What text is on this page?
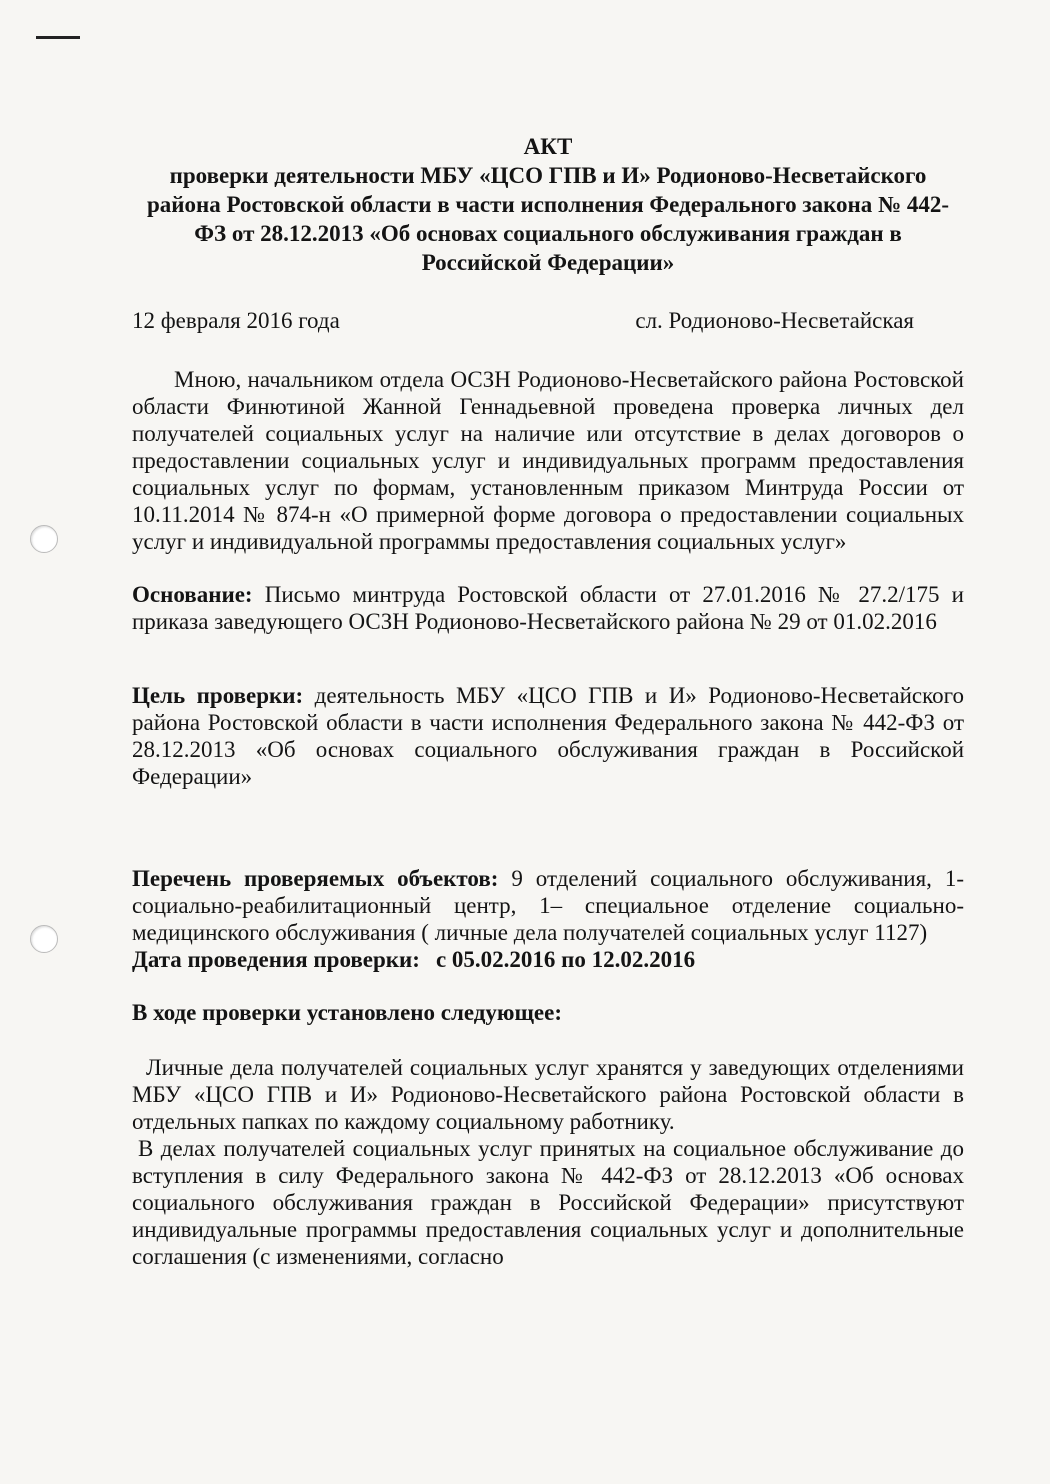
АКТ
проверки деятельности МБУ «ЦСО ГПВ и И» Родионово-Несветайского района Ростовской области в части исполнения Федерального закона № 442-ФЗ от 28.12.2013 «Об основах социального обслуживания граждан в Российской Федерации»
12 февраля 2016 года	сл. Родионово-Несветайская

Мною, начальником отдела ОСЗН Родионово-Несветайского района Ростовской области Финютиной Жанной Геннадьевной проведена проверка личных дел получателей социальных услуг на наличие или отсутствие в делах договоров о предоставлении социальных услуг и индивидуальных программ предоставления социальных услуг по формам, установленным приказом Минтруда России от 10.11.2014 № 874-н «О примерной форме договора о предоставлении социальных услуг и индивидуальной программы предоставления социальных услуг»

Основание: Письмо минтруда Ростовской области от 27.01.2016 № 27.2/175 и приказа заведующего ОСЗН Родионово-Несветайского района № 29 от 01.02.2016

Цель проверки: деятельность МБУ «ЦСО ГПВ и И» Родионово-Несветайского района Ростовской области в части исполнения Федерального закона № 442-ФЗ от 28.12.2013 «Об основах социального обслуживания граждан в Российской Федерации»

Перечень проверяемых объектов: 9 отделений социального обслуживания, 1-социально-реабилитационный центр, 1– специальное отделение социально-медицинского обслуживания ( личные дела получателей социальных услуг 1127)

Дата проведения проверки: с 05.02.2016 по 12.02.2016

В ходе проверки установлено следующее:

Личные дела получателей социальных услуг хранятся у заведующих отделениями МБУ «ЦСО ГПВ и И» Родионово-Несветайского района Ростовской области в отдельных папках по каждому социальному работнику.

В делах получателей социальных услуг принятых на социальное обслуживание до вступления в силу Федерального закона № 442-ФЗ от 28.12.2013 «Об основах социального обслуживания граждан в Российской Федерации» присутствуют индивидуальные программы предоставления социальных услуг и дополнительные соглашения (с изменениями, согласно
